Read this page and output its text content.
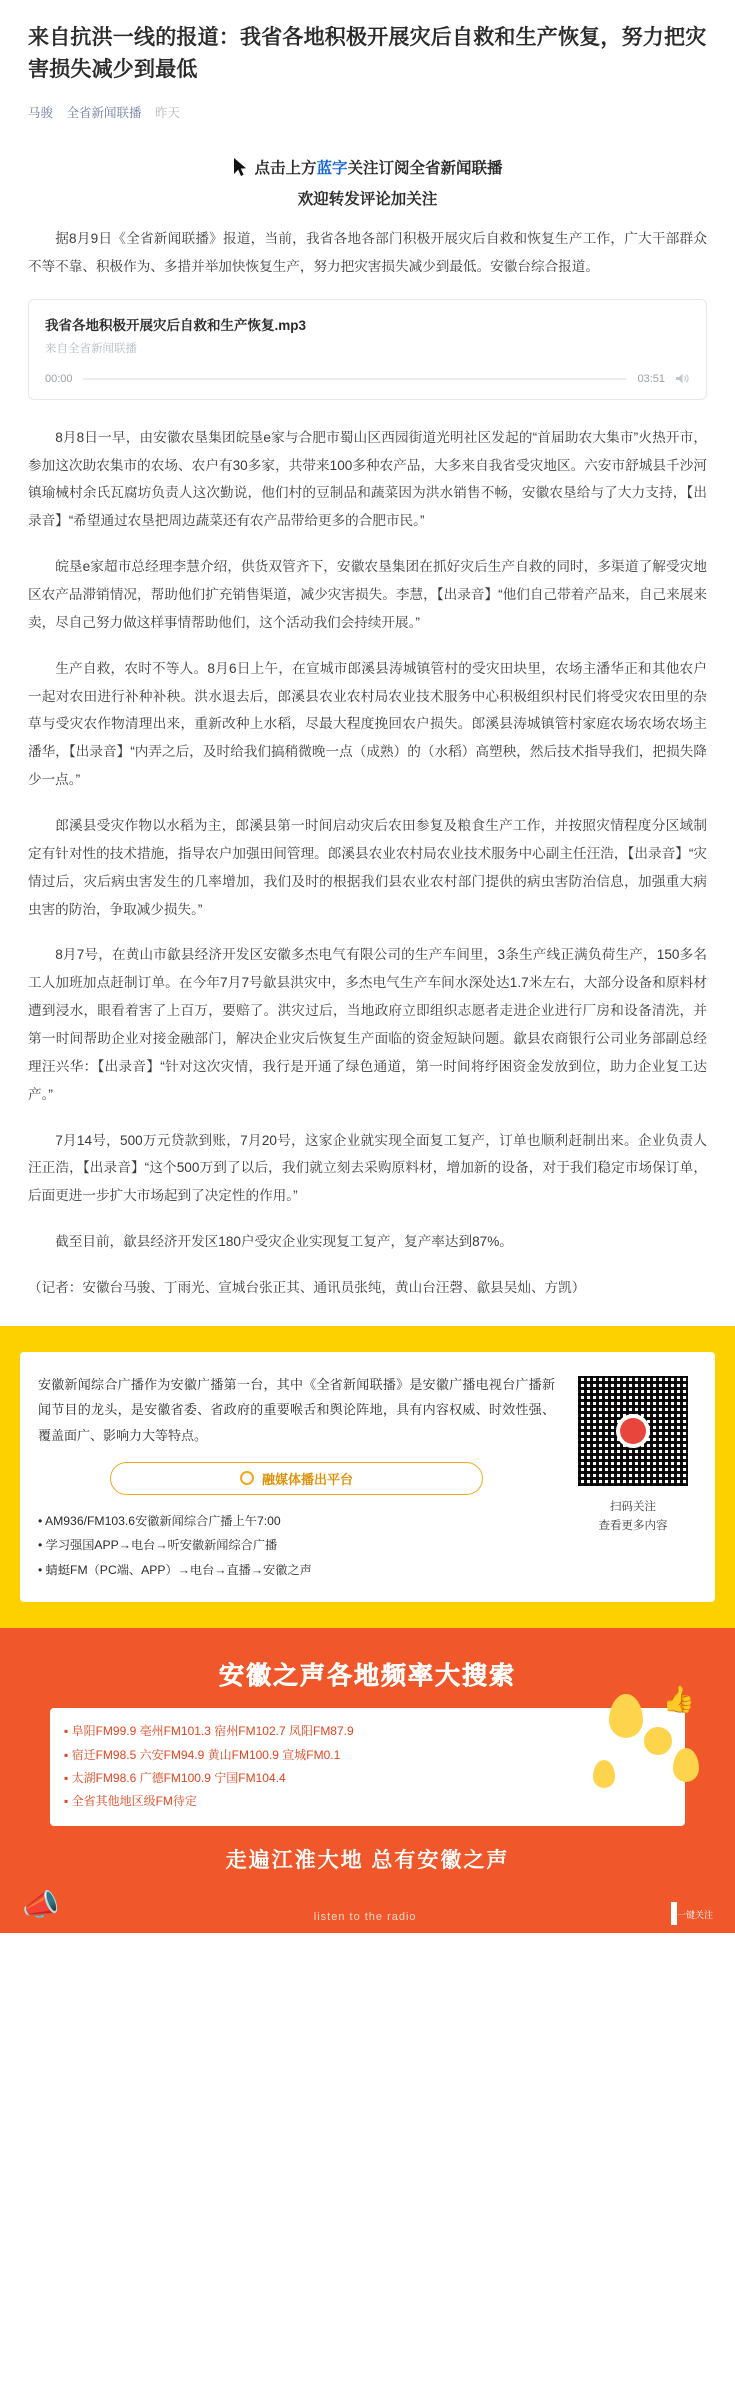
来自抗洪一线的报道：我省各地积极开展灾后自救和生产恢复，努力把灾害损失减少到最低
马骏 全省新闻联播 昨天
点击上方蓝字关注订阅全省新闻联播
欢迎转发评论加关注

据8月9日《全省新闻联播》报道，当前，我省各地各部门积极开展灾后自救和恢复生产工作，广大干部群众不等不靠、积极作为、多措并举加快恢复生产，努力把灾害损失减少到最低。安徽台综合报道。

我省各地积极开展灾后自救和生产恢复.mp3
来自全省新闻联播
00:00	03:51

8月8日一早，由安徽农垦集团皖垦e家与合肥市蜀山区西园街道光明社区发起的“首届助农大集市”火热开市，参加这次助农集市的农场、农户有30多家，共带来100多种农产品，大多来自我省受灾地区。六安市舒城县千沙河镇瑜械村余氏瓦腐坊负责人这次勤说，他们村的豆制品和蔬菜因为洪水销售不畅，安徽农垦给与了大力支持，【出录音】“希望通过农垦把周边蔬菜还有农产品带给更多的合肥市民。”

皖垦e家超市总经理李慧介绍，供货双管齐下，安徽农垦集团在抓好灾后生产自救的同时，多渠道了解受灾地区农产品滞销情况，帮助他们扩充销售渠道，减少灾害损失。李慧，【出录音】“他们自己带着产品来，自己来展来卖，尽自己努力做这样事情帮助他们，这个活动我们会持续开展。”

生产自救，农时不等人。8月6日上午，在宣城市郎溪县涛城镇管村的受灾田块里，农场主潘华正和其他农户一起对农田进行补种补秧。洪水退去后，郎溪县农业农村局农业技术服务中心积极组织村民们将受灾农田里的杂草与受灾农作物清理出来，重新改种上水稻，尽最大程度挽回农户损失。郎溪县涛城镇管村家庭农场农场农场主潘华，【出录音】“内弄之后，及时给我们搞稍微晚一点（成熟）的（水稻）高塑秧，然后技术指导我们，把损失降少一点。”

郎溪县受灾作物以水稻为主，郎溪县第一时间启动灾后农田参复及粮食生产工作，并按照灾情程度分区域制定有针对性的技术措施，指导农户加强田间管理。郎溪县农业农村局农业技术服务中心副主任汪浩，【出录音】“灾情过后，灾后病虫害发生的几率增加，我们及时的根据我们县农业农村部门提供的病虫害防治信息，加强重大病虫害的防治，争取减少损失。”

8月7号，在黄山市歙县经济开发区安徽多杰电气有限公司的生产车间里，3条生产线正满负荷生产，150多名工人加班加点赶制订单。在今年7月7号歙县洪灾中，多杰电气生产车间水深处达1.7米左右，大部分设备和原料材遭到浸水，眼看着害了上百万，要赔了。洪灾过后，当地政府立即组织志愿者走进企业进行厂房和设备清洗，并第一时间帮助企业对接金融部门，解决企业灾后恢复生产面临的资金短缺问题。歙县农商银行公司业务部副总经理汪兴华：【出录音】“针对这次灾情，我行是开通了绿色通道，第一时间将纾困资金发放到位，助力企业复工达产。”

7月14号，500万元贷款到账，7月20号，这家企业就实现全面复工复产，订单也顺利赶制出来。企业负责人汪正浩，【出录音】“这个500万到了以后，我们就立刻去采购原料材，增加新的设备，对于我们稳定市场保订单，后面更进一步扩大市场起到了决定性的作用。”

截至目前，歙县经济开发区180户受灾企业实现复工复产，复产率达到87%。

（记者：安徽台马骏、丁雨光、宣城台张正其、通讯员张纯，黄山台汪磬、歙县吴灿、方凯）

安徽新闻综合广播作为安徽广播第一台，其中《全省新闻联播》是安徽广播电视台广播新闻节目的龙头，是安徽省委、省政府的重要喉舌和舆论阵地，具有内容权威、时效性强、覆盖面广、影响力大等特点。
融媒体播出平台
• AM936/FM103.6安徽新闻综合广播上午7:00
• 学习强国APP→电台→听安徽新闻综合广播
• 蜻蜓FM（PC端、APP）→电台→直播→安徽之声
扫码关注
查看更多内容
👍
安徽之声各地频率大搜索
▪ 阜阳FM99.9 亳州FM101.3 宿州FM102.7 凤阳FM87.9
▪ 宿迁FM98.5 六安FM94.9 黄山FM100.9 宣城FM0.1
▪ 太湖FM98.6 广德FM100.9 宁国FM104.4
▪ 全省其他地区级FM待定
走遍江淮大地 总有安徽之声
📣	listen to the radio	一键关注
